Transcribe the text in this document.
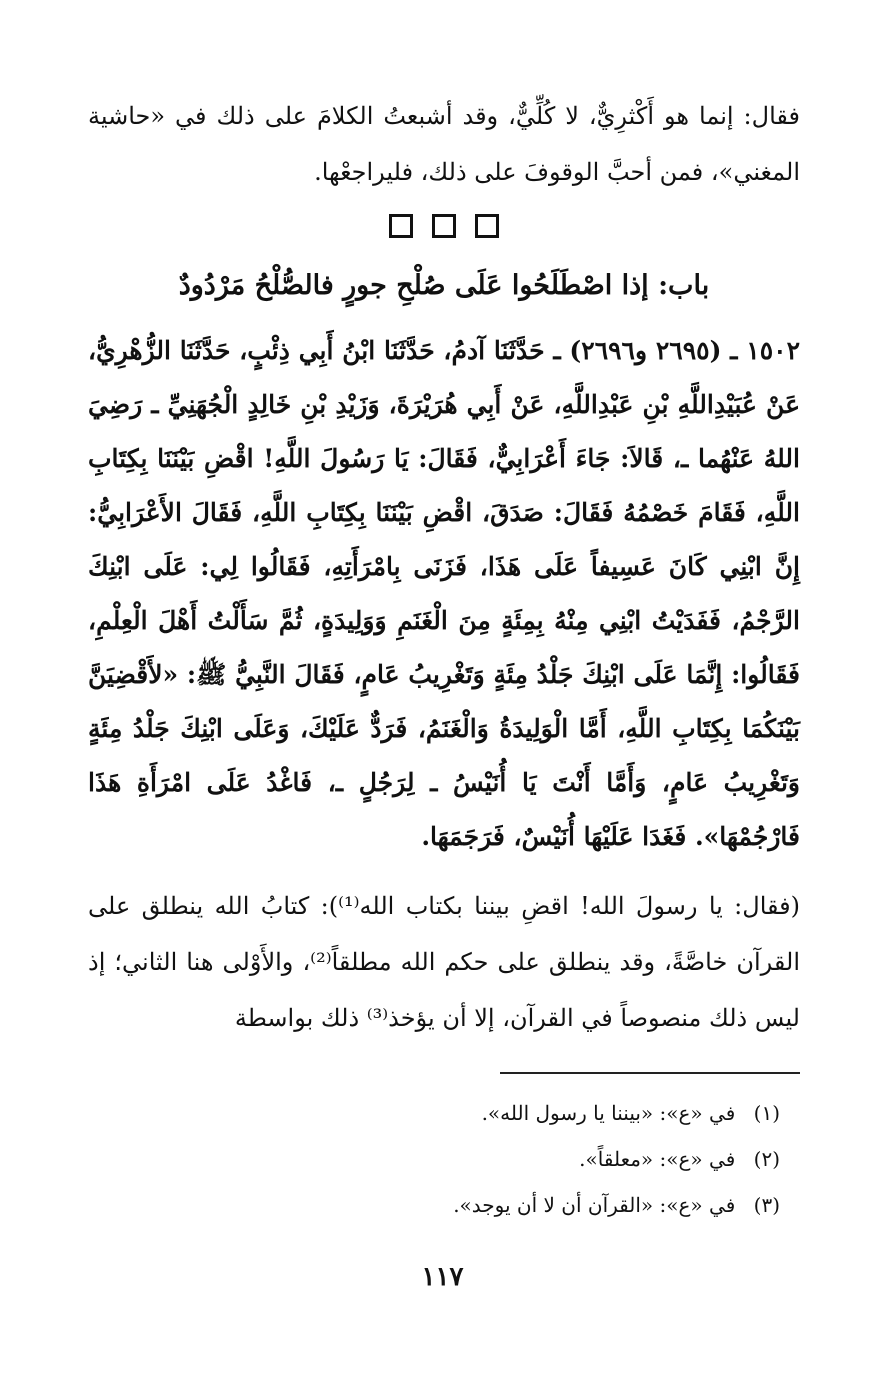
فقال: إنما هو أَكْثرِيٌّ، لا كُلِّيٌّ، وقد أشبعتُ الكلامَ على ذلك في «حاشية المغني»، فمن أحبَّ الوقوفَ على ذلك، فليراجعْها.

باب: إذا اصْطَلَحُوا عَلَى صُلْحِ جورٍ فالصُّلْحُ مَرْدُودٌ

١٥٠٢ ـ (٢٦٩٥ و٢٦٩٦) ـ حَدَّثَنَا آدمُ، حَدَّثَنَا ابْنُ أَبِي ذِئْبٍ، حَدَّثَنَا الزُّهْرِيُّ، عَنْ عُبَيْدِاللَّهِ بْنِ عَبْدِاللَّهِ، عَنْ أَبِي هُرَيْرَةَ، وَزَيْدِ بْنِ خَالِدٍ الْجُهَنِيِّ ـ رَضِيَ اللهُ عَنْهُما ـ، قَالاَ: جَاءَ أَعْرَابِيٌّ، فَقَالَ: يَا رَسُولَ اللَّهِ! اقْضِ بَيْنَنَا بِكِتَابِ اللَّهِ، فَقَامَ خَصْمُهُ فَقَالَ: صَدَقَ، اقْضِ بَيْنَنَا بِكِتَابِ اللَّهِ، فَقَالَ الأَعْرَابِيُّ: إِنَّ ابْنِي كَانَ عَسِيفاً عَلَى هَذَا، فَزَنَى بِامْرَأَتِهِ، فَقَالُوا لِي: عَلَى ابْنِكَ الرَّجْمُ، فَفَدَيْتُ ابْنِي مِنْهُ بِمِئَةٍ مِنَ الْغَنَمِ وَوَلِيدَةٍ، ثُمَّ سَأَلْتُ أَهْلَ الْعِلْمِ، فَقَالُوا: إِنَّمَا عَلَى ابْنِكَ جَلْدُ مِئَةٍ وَتَغْرِيبُ عَامٍ، فَقَالَ النَّبِيُّ ﷺ: «لأَقْضِيَنَّ بَيْنَكُمَا بِكِتَابِ اللَّهِ، أَمَّا الْوَلِيدَةُ وَالْغَنَمُ، فَرَدٌّ عَلَيْكَ، وَعَلَى ابْنِكَ جَلْدُ مِئَةٍ وَتَغْرِيبُ عَامٍ، وَأَمَّا أَنْتَ يَا أُنَيْسُ ـ لِرَجُلٍ ـ، فَاغْدُ عَلَى امْرَأَةِ هَذَا فَارْجُمْهَا». فَغَدَا عَلَيْهَا أُنَيْسٌ، فَرَجَمَهَا.

(فقال: يا رسولَ الله! اقضِ بيننا بكتاب الله⁽¹⁾): كتابُ الله ينطلق على القرآن خاصَّةً، وقد ينطلق على حكم الله مطلقاً⁽²⁾، والأَوْلى هنا الثاني؛ إذ ليس ذلك منصوصاً في القرآن، إلا أن يؤخذ⁽³⁾ ذلك بواسطة

(١) في «ع»: «بيننا يا رسول الله».
(٢) في «ع»: «معلقاً».
(٣) في «ع»: «القرآن أن لا أن يوجد».
١١٧
